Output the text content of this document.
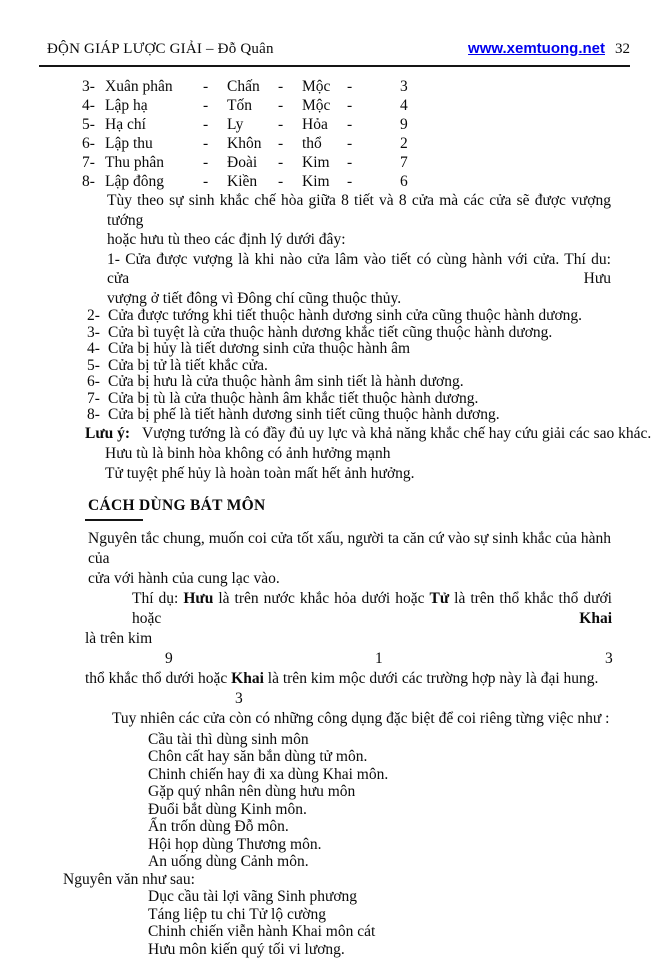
ĐỘN GIÁP LƯỢC GIẢI – Đỗ Quân	www.xemtuong.net 32
3- Xuân phân	-	Chấn	-	Mộc	-	3
4- Lập hạ	-	Tốn	-	Mộc	-	4
5- Hạ chí	-	Ly	-	Hỏa	-	9
6- Lập thu	-	Khôn	-	thổ	-	2
7- Thu phân	-	Đoài	-	Kim	-	7
8- Lập đông	-	Kiền	-	Kim	-	6
Tùy theo sự sinh khắc chế hòa giữa 8 tiết và 8 cửa mà các cửa sẽ được vượng tướng
hoặc hưu tù theo các định lý dưới đây:
1- Cửa được vượng là khi nào cửa lâm vào tiết có cùng hành với cửa. Thí du: cửa Hưu
vượng ở tiết đông vì Đông chí cũng thuộc thủy.
2- Cửa được tướng khi tiết thuộc hành dương sinh cửa cũng thuộc hành dương.
3- Cửa bì tuyệt là cửa thuộc hành dương khắc tiết cũng thuộc hành dương.
4- Cửa bị hủy là tiết dương sinh cửa thuộc hành âm
5- Cửa bị tử là tiết khắc cửa.
6- Cửa bị hưu là cửa thuộc hành âm sinh tiết là hành dương.
7- Cửa bị tù là cửa thuộc hành âm khắc tiết thuộc hành dương.
8- Cửa bị phế là tiết hành dương sinh tiết cũng thuộc hành dương.
Lưu ý: Vượng tướng là có đầy đủ uy lực và khả năng khắc chế hay cứu giải các sao khác.
Hưu tù là binh hòa không có ảnh hưởng mạnh
Tử tuyệt phế hủy là hoàn toàn mất hết ảnh hưởng.
CÁCH DÙNG BÁT MÔN
Nguyên tắc chung, muốn coi cửa tốt xấu, người ta căn cứ vào sự sinh khắc của hành của
cửa với hành của cung lạc vào.
Thí dụ: Hưu là trên nước khắc hỏa dưới hoặc Tử là trên thổ khắc thổ dưới hoặc Khai
là trên kim
9	1	3
thổ khắc thổ dưới hoặc Khai là trên kim mộc dưới các trường hợp này là đại hung.
3
Tuy nhiên các cửa còn có những công dụng đặc biệt để coi riêng từng việc như :
Cầu tài thì dùng sinh môn
Chôn cất hay săn bắn dùng tử môn.
Chinh chiến hay đi xa dùng Khai môn.
Gặp quý nhân nên dùng hưu môn
Đuổi bắt dùng Kinh môn.
Ẩn trốn dùng Đỗ môn.
Hội họp dùng Thương môn.
An uống dùng Cảnh môn.
Nguyên văn như sau:
Dục cầu tài lợi vãng Sinh phương
Táng liệp tu chi Tử lộ cường
Chinh chiến viễn hành Khai môn cát
Hưu môn kiến quý tối vi lương.
